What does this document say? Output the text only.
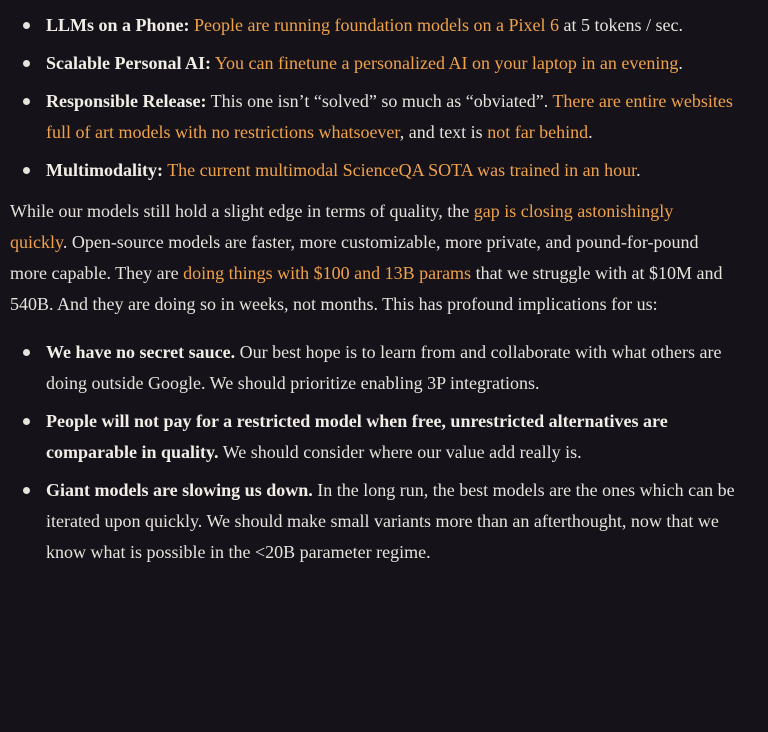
LLMs on a Phone: People are running foundation models on a Pixel 6 at 5 tokens / sec.
Scalable Personal AI: You can finetune a personalized AI on your laptop in an evening.
Responsible Release: This one isn’t “solved” so much as “obviated”. There are entire websites full of art models with no restrictions whatsoever, and text is not far behind.
Multimodality: The current multimodal ScienceQA SOTA was trained in an hour.

While our models still hold a slight edge in terms of quality, the gap is closing astonishingly quickly. Open-source models are faster, more customizable, more private, and pound-for-pound more capable. They are doing things with $100 and 13B params that we struggle with at $10M and 540B. And they are doing so in weeks, not months. This has profound implications for us:

We have no secret sauce. Our best hope is to learn from and collaborate with what others are doing outside Google. We should prioritize enabling 3P integrations.
People will not pay for a restricted model when free, unrestricted alternatives are comparable in quality. We should consider where our value add really is.
Giant models are slowing us down. In the long run, the best models are the ones which can be iterated upon quickly. We should make small variants more than an afterthought, now that we know what is possible in the <20B parameter regime.
